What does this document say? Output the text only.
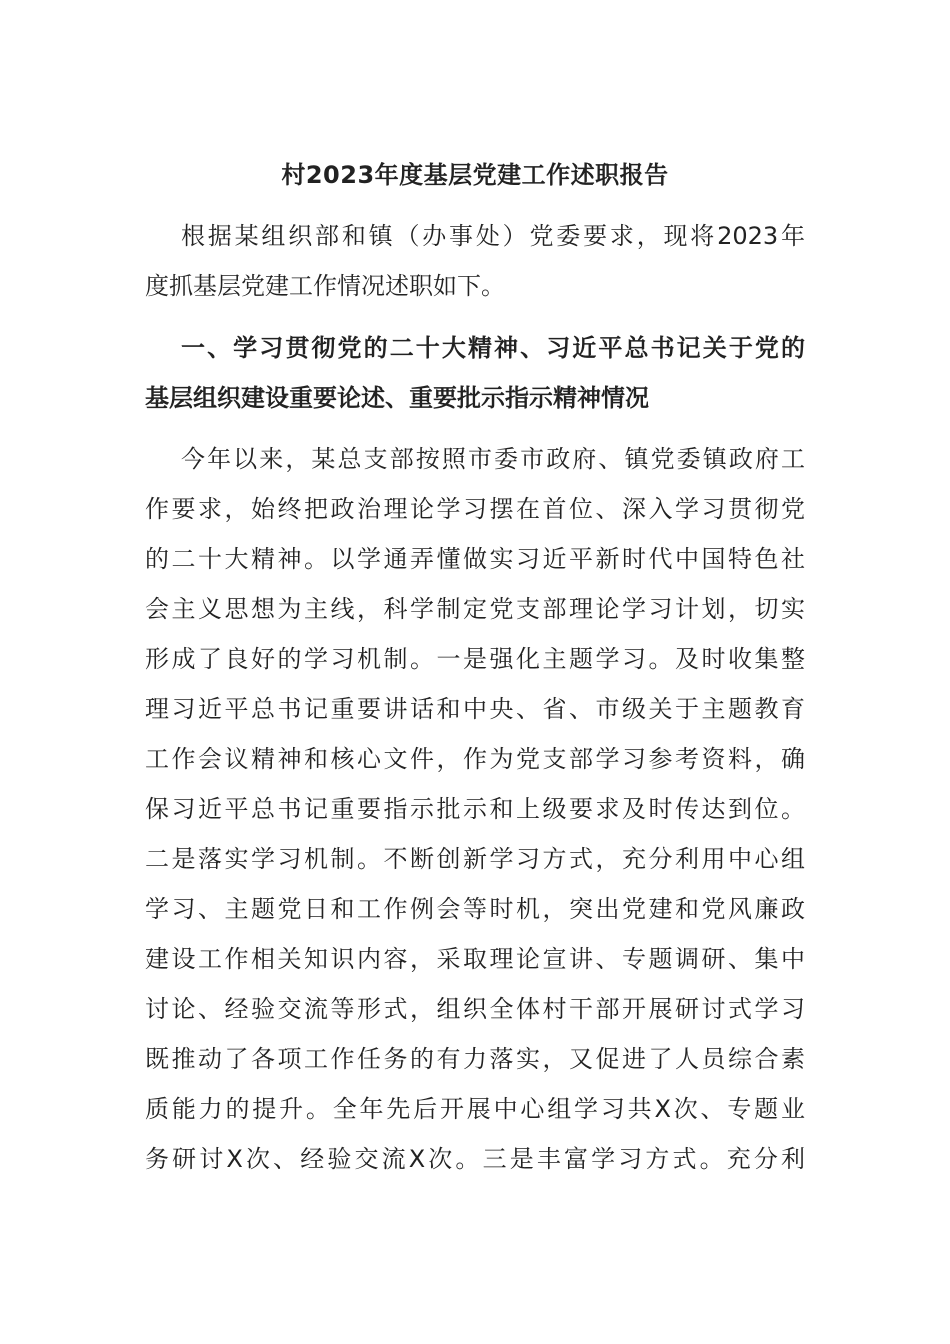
村2023年度基层党建工作述职报告
根据某组织部和镇（办事处）党委要求，现将2023年
度抓基层党建工作情况述职如下。
一、学习贯彻党的二十大精神、习近平总书记关于党的
基层组织建设重要论述、重要批示指示精神情况
今年以来，某总支部按照市委市政府、镇党委镇政府工
作要求，始终把政治理论学习摆在首位、深入学习贯彻党
的二十大精神。以学通弄懂做实习近平新时代中国特色社
会主义思想为主线，科学制定党支部理论学习计划，切实
形成了良好的学习机制。一是强化主题学习。及时收集整
理习近平总书记重要讲话和中央、省、市级关于主题教育
工作会议精神和核心文件，作为党支部学习参考资料，确
保习近平总书记重要指示批示和上级要求及时传达到位。
二是落实学习机制。不断创新学习方式，充分利用中心组
学习、主题党日和工作例会等时机，突出党建和党风廉政
建设工作相关知识内容，采取理论宣讲、专题调研、集中
讨论、经验交流等形式，组织全体村干部开展研讨式学习
既推动了各项工作任务的有力落实，又促进了人员综合素
质能力的提升。全年先后开展中心组学习共X次、专题业
务研讨X次、经验交流X次。三是丰富学习方式。充分利
